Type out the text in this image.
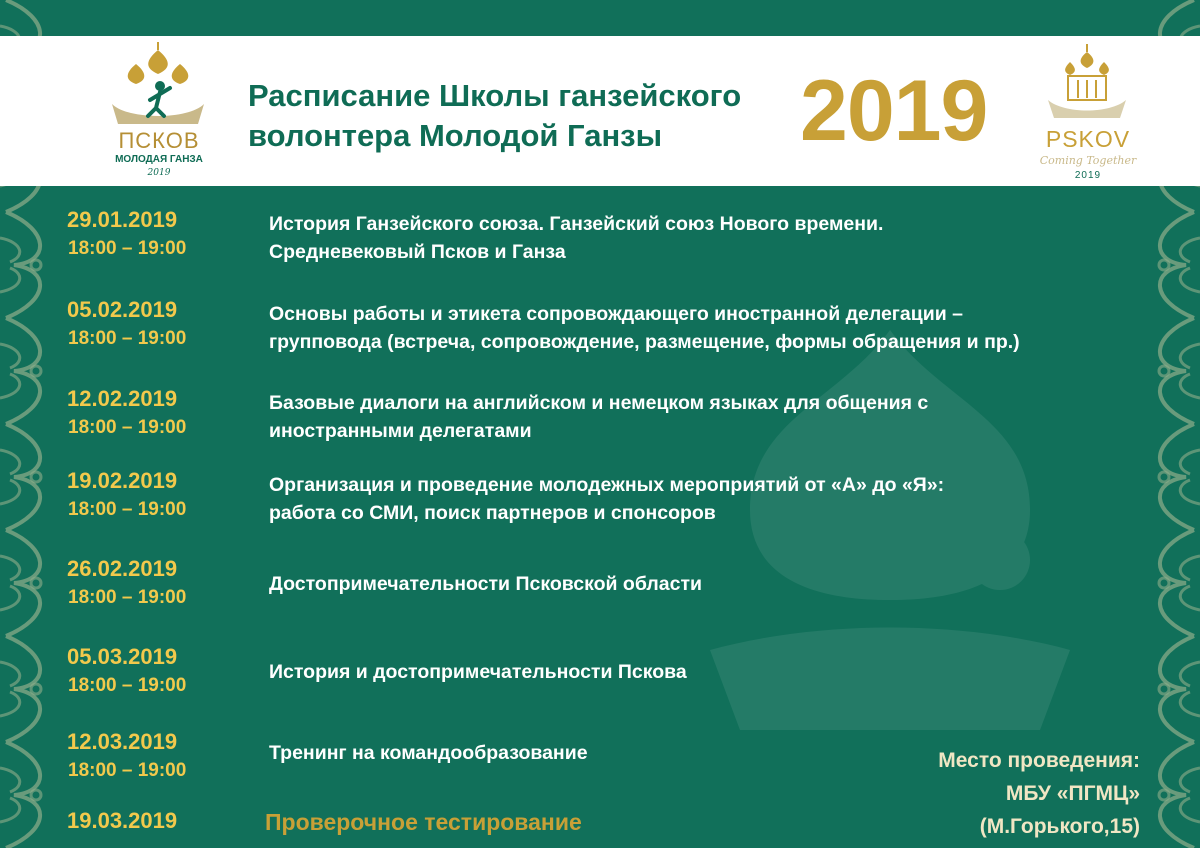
ПСКОВ
МОЛОДАЯ ГАНЗА
2019
Расписание Школы ганзейского
волонтера Молодой Ганзы	2019	PSKOV
Coming Together
2019
29.01.2019
18:00 – 19:00
История Ганзейского союза. Ганзейский союз Нового времени.
Средневековый Псков и Ганза
05.02.2019
18:00 – 19:00
Основы работы и этикета сопровождающего иностранной делегации –
групповода (встреча, сопровождение, размещение, формы обращения и пр.)
12.02.2019
18:00 – 19:00
Базовые диалоги на английском и немецком языках для общения с
иностранными делегатами
19.02.2019
18:00 – 19:00
Организация и проведение молодежных мероприятий от «А» до «Я»:
работа со СМИ, поиск партнеров и спонсоров
26.02.2019
18:00 – 19:00
Достопримечательности Псковской области
05.03.2019
18:00 – 19:00
История и достопримечательности Пскова
12.03.2019
18:00 – 19:00
Тренинг на командообразование
19.03.2019	Проверочное тестирование
Место проведения:
МБУ «ПГМЦ»
(М.Горького,15)
